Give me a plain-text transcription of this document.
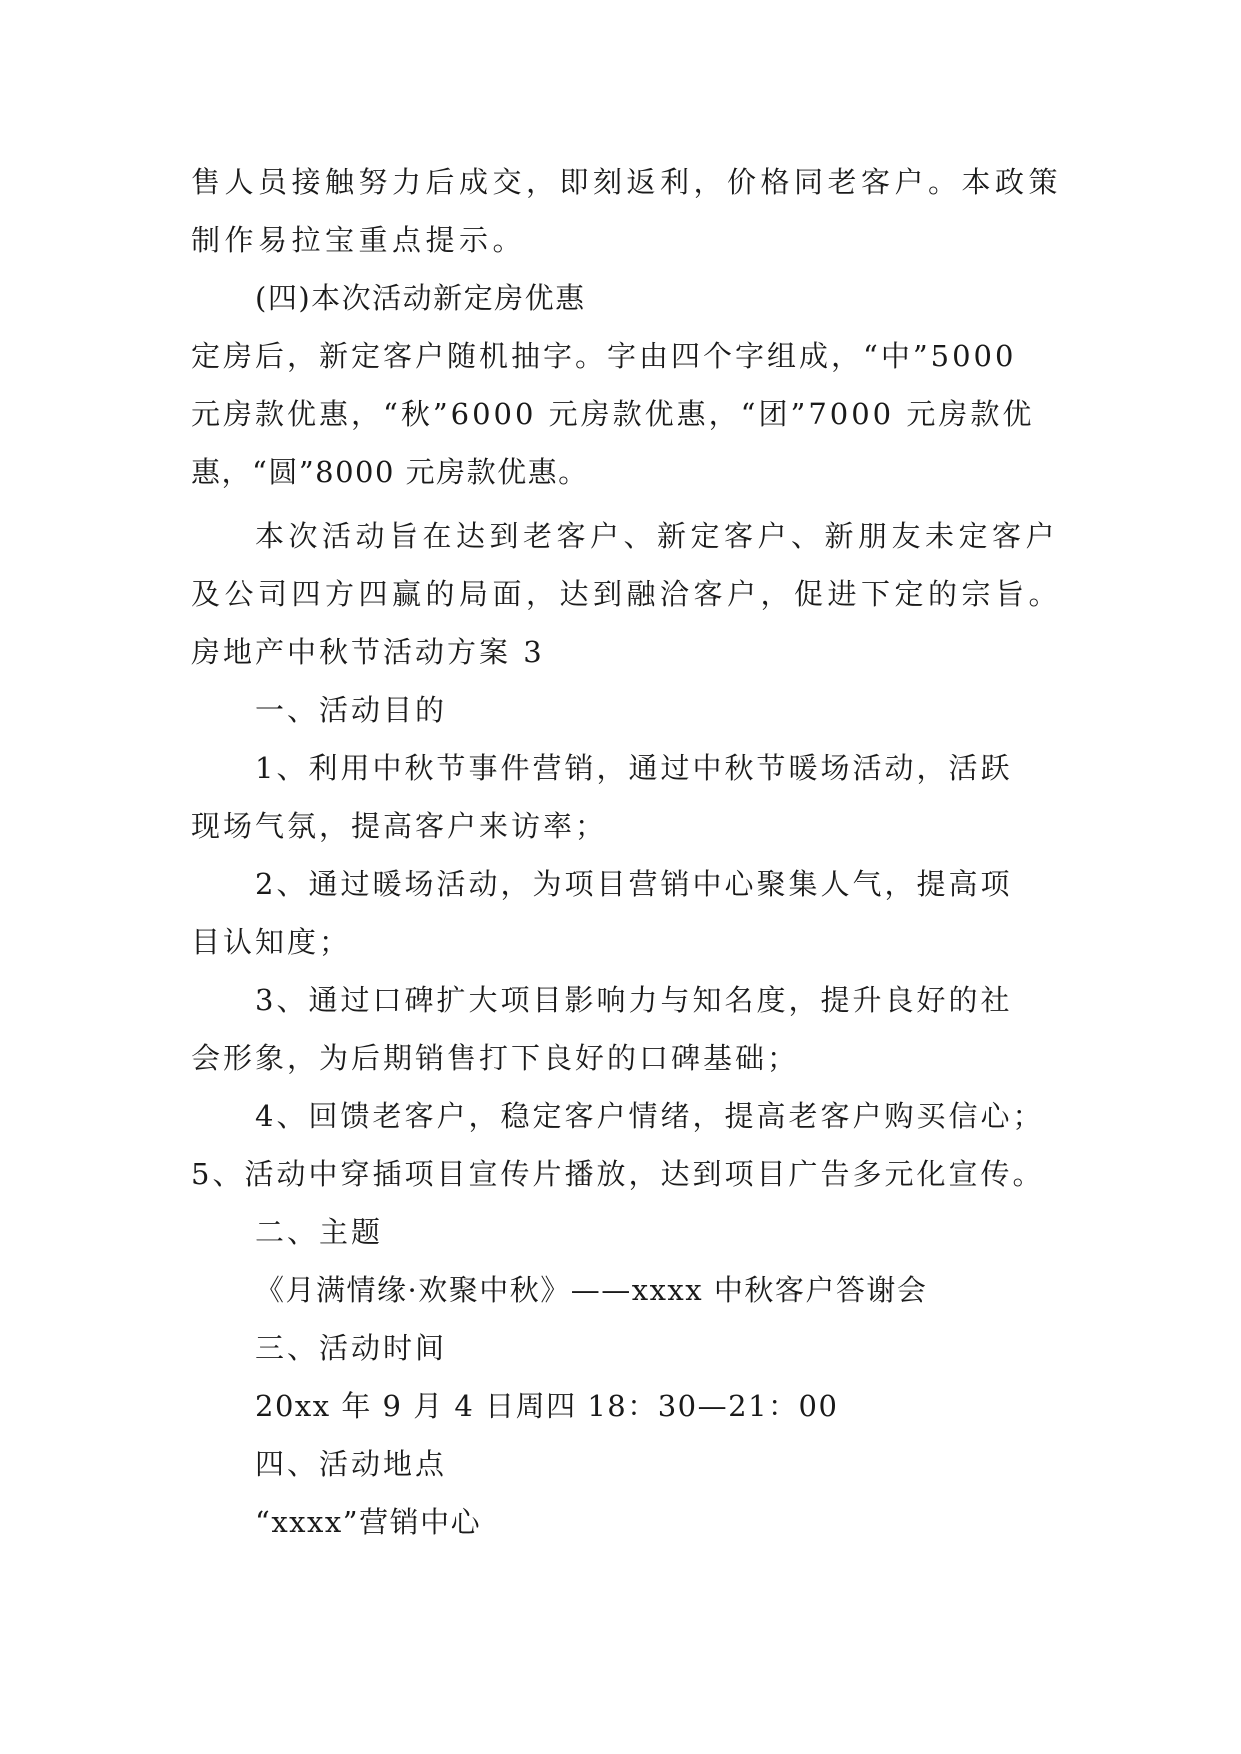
售人员接触努力后成交，即刻返利，价格同老客户。本政策
制作易拉宝重点提示。
(四)本次活动新定房优惠
定房后，新定客户随机抽字。字由四个字组成，“中”5000
元房款优惠，“秋”6000 元房款优惠，“团”7000 元房款优
惠，“圆”8000 元房款优惠。
本次活动旨在达到老客户、新定客户、新朋友未定客户
及公司四方四赢的局面，达到融洽客户，促进下定的宗旨。
房地产中秋节活动方案 3
一、活动目的
1、利用中秋节事件营销，通过中秋节暖场活动，活跃
现场气氛，提高客户来访率；
2、通过暖场活动，为项目营销中心聚集人气，提高项
目认知度；
3、通过口碑扩大项目影响力与知名度，提升良好的社
会形象，为后期销售打下良好的口碑基础；
4、回馈老客户，稳定客户情绪，提高老客户购买信心；
5、活动中穿插项目宣传片播放，达到项目广告多元化宣传。
二、主题
《月满情缘·欢聚中秋》——xxxx 中秋客户答谢会
三、活动时间
20xx 年 9 月 4 日周四 18：30—21：00
四、活动地点
“xxxx”营销中心
